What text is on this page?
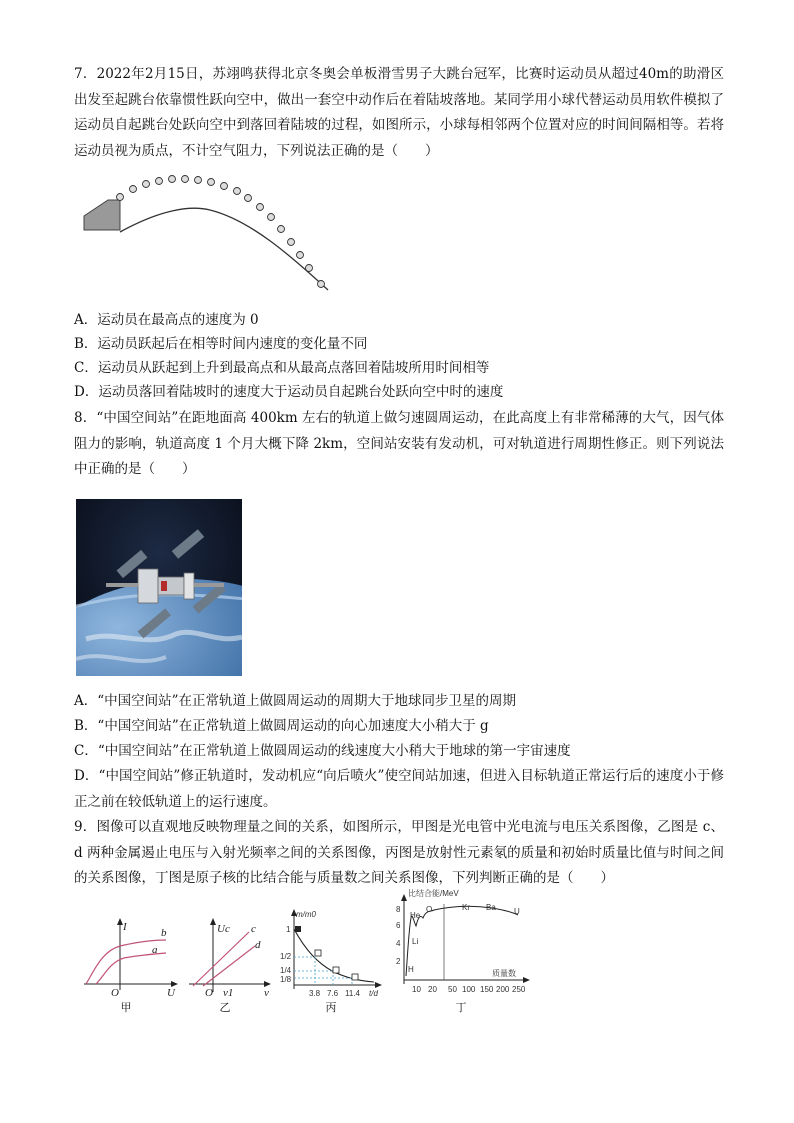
7．2022年2月15日，苏翊鸣获得北京冬奥会单板滑雪男子大跳台冠军，比赛时运动员从超过40m的助滑区出发至起跳台依靠惯性跃向空中，做出一套空中动作后在着陆坡落地。某同学用小球代替运动员用软件模拟了运动员自起跳台处跃向空中到落回着陆坡的过程，如图所示，小球每相邻两个位置对应的时间间隔相等。若将运动员视为质点，不计空气阻力，下列说法正确的是（　　）
A．运动员在最高点的速度为 0
B．运动员跃起后在相等时间内速度的变化量不同
C．运动员从跃起到上升到最高点和从最高点落回着陆坡所用时间相等
D．运动员落回着陆坡时的速度大于运动员自起跳台处跃向空中时的速度
8．“中国空间站”在距地面高 400km 左右的轨道上做匀速圆周运动，在此高度上有非常稀薄的大气，因气体阻力的影响，轨道高度 1 个月大概下降 2km，空间站安装有发动机，可对轨道进行周期性修正。则下列说法中正确的是（　　）
A．“中国空间站”在正常轨道上做圆周运动的周期大于地球同步卫星的周期
B．“中国空间站”在正常轨道上做圆周运动的向心加速度大小稍大于 g
C．“中国空间站”在正常轨道上做圆周运动的线速度大小稍大于地球的第一宇宙速度
D．“中国空间站”修正轨道时，发动机应“向后喷火”使空间站加速，但进入目标轨道正常运行后的速度小于修正之前在较低轨道上的运行速度。
9．图像可以直观地反映物理量之间的关系，如图所示，甲图是光电管中光电流与电压关系图像，乙图是 c、d 两种金属遏止电压与入射光频率之间的关系图像，丙图是放射性元素氡的质量和初始时质量比值与时间之间的关系图像，丁图是原子核的比结合能与质量数之间关系图像，下列判断正确的是（　　）
I
U
O
b
a
甲
Uc
ν
O ν1
c
d
乙
m/m0
1
1/2
1/4
1/8
3.8 7.6 11.4 t/d
丙
比结合能/MeV
8
6
4
2
He
O	Kr Ba U
Li
H
10 20 50 100 150 200 250
质量数
丁
